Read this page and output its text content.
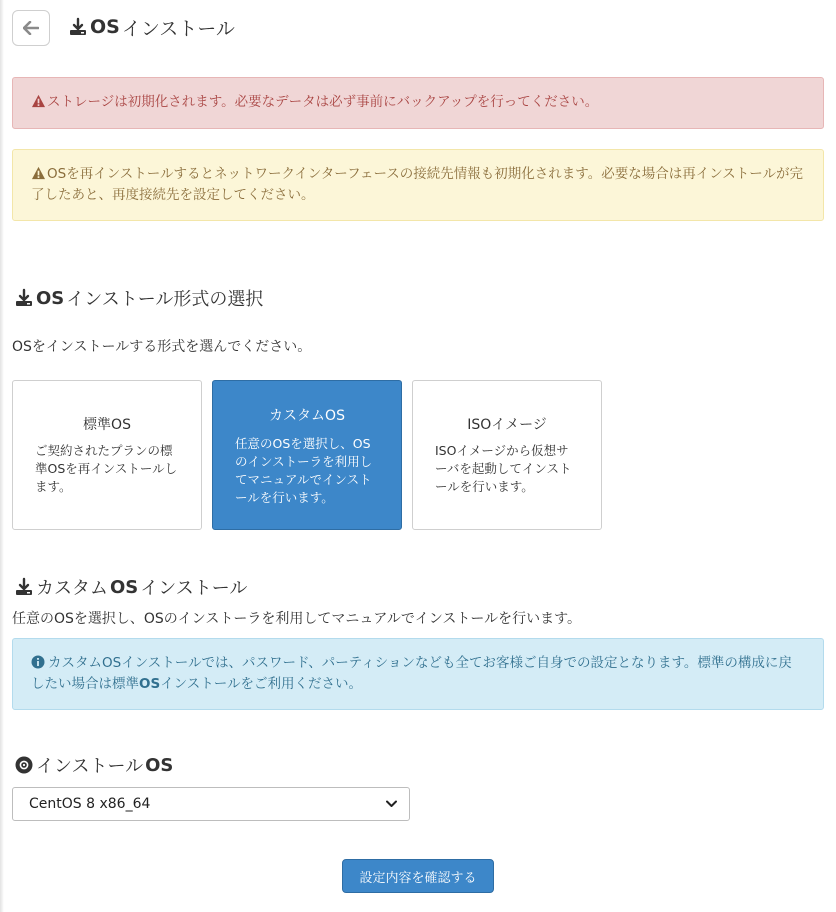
OS インストール
ストレージは初期化されます。必要なデータは必ず事前にバックアップを行ってください。
OSを再インストールするとネットワークインターフェースの接続先情報も初期化されます。必要な場合は再インストールが完了したあと、再度接続先を設定してください。
OS インストール形式の選択
OSをインストールする形式を選んでください。
標準OS
ご契約されたプランの標準OSを再インストールします。
カスタムOS
任意のOSを選択し、OSのインストーラを利用してマニュアルでインストールを行います。
ISOイメージ
ISOイメージから仮想サーバを起動してインストールを行います。
カスタム OS インストール
任意のOSを選択し、OSのインストーラを利用してマニュアルでインストールを行います。
カスタムOSインストールでは、パスワード、パーティションなども全てお客様ご自身での設定となります。標準の構成に戻したい場合は標準OSインストールをご利用ください。
インストール OS
CentOS 8 x86_64
設定内容を確認する
